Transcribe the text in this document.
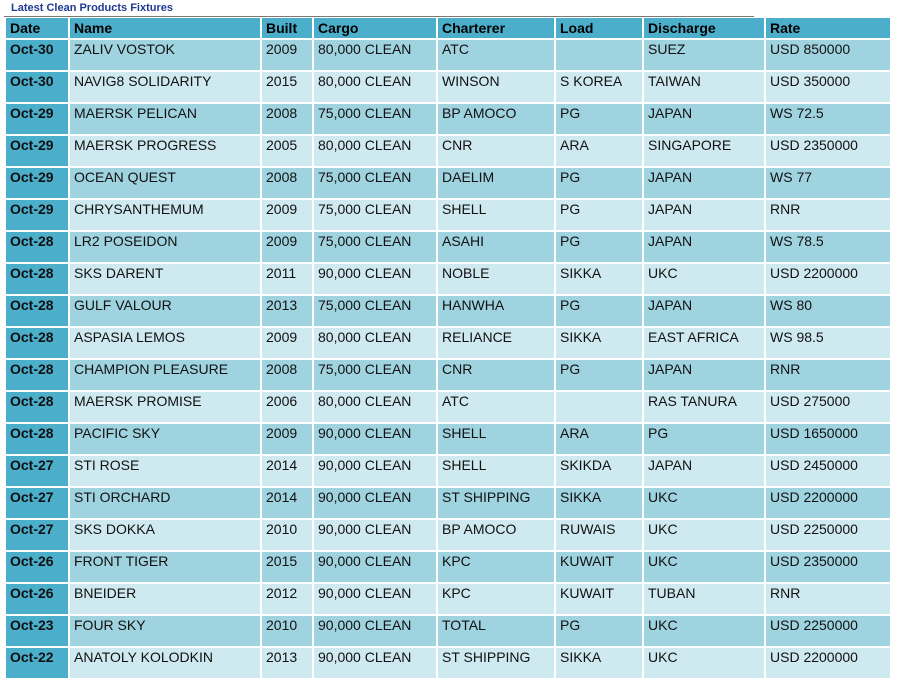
Latest Clean Products Fixtures
Date	Name	Built	Cargo	Charterer	Load	Discharge	Rate
Oct-30	ZALIV VOSTOK	2009	80,000 CLEAN	ATC		SUEZ	USD 850000
Oct-30	NAVIG8 SOLIDARITY	2015	80,000 CLEAN	WINSON	S KOREA	TAIWAN	USD 350000
Oct-29	MAERSK PELICAN	2008	75,000 CLEAN	BP AMOCO	PG	JAPAN	WS 72.5
Oct-29	MAERSK PROGRESS	2005	80,000 CLEAN	CNR	ARA	SINGAPORE	USD 2350000
Oct-29	OCEAN QUEST	2008	75,000 CLEAN	DAELIM	PG	JAPAN	WS 77
Oct-29	CHRYSANTHEMUM	2009	75,000 CLEAN	SHELL	PG	JAPAN	RNR
Oct-28	LR2 POSEIDON	2009	75,000 CLEAN	ASAHI	PG	JAPAN	WS 78.5
Oct-28	SKS DARENT	2011	90,000 CLEAN	NOBLE	SIKKA	UKC	USD 2200000
Oct-28	GULF VALOUR	2013	75,000 CLEAN	HANWHA	PG	JAPAN	WS 80
Oct-28	ASPASIA LEMOS	2009	80,000 CLEAN	RELIANCE	SIKKA	EAST AFRICA	WS 98.5
Oct-28	CHAMPION PLEASURE	2008	75,000 CLEAN	CNR	PG	JAPAN	RNR
Oct-28	MAERSK PROMISE	2006	80,000 CLEAN	ATC		RAS TANURA	USD 275000
Oct-28	PACIFIC SKY	2009	90,000 CLEAN	SHELL	ARA	PG	USD 1650000
Oct-27	STI ROSE	2014	90,000 CLEAN	SHELL	SKIKDA	JAPAN	USD 2450000
Oct-27	STI ORCHARD	2014	90,000 CLEAN	ST SHIPPING	SIKKA	UKC	USD 2200000
Oct-27	SKS DOKKA	2010	90,000 CLEAN	BP AMOCO	RUWAIS	UKC	USD 2250000
Oct-26	FRONT TIGER	2015	90,000 CLEAN	KPC	KUWAIT	UKC	USD 2350000
Oct-26	BNEIDER	2012	90,000 CLEAN	KPC	KUWAIT	TUBAN	RNR
Oct-23	FOUR SKY	2010	90,000 CLEAN	TOTAL	PG	UKC	USD 2250000
Oct-22	ANATOLY KOLODKIN	2013	90,000 CLEAN	ST SHIPPING	SIKKA	UKC	USD 2200000
